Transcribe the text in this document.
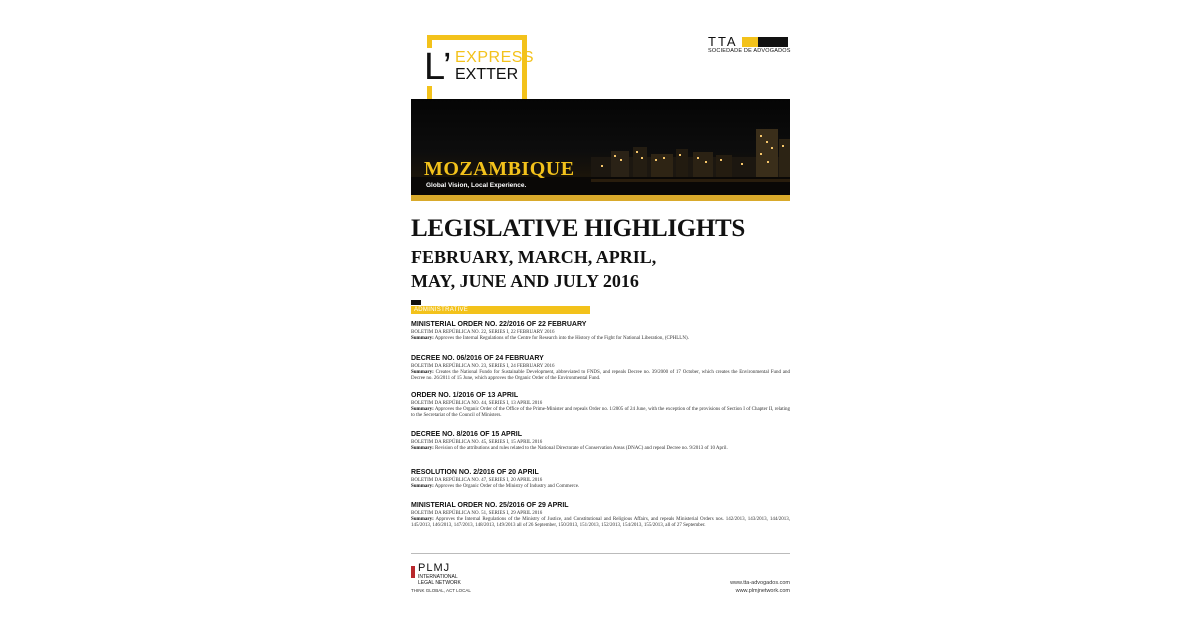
L’ EXPRESS
EXTTER
TTA
SOCIEDADE DE ADVOGADOS
MOZAMBIQUE
Global Vision, Local Experience.
LEGISLATIVE HIGHLIGHTS
FEBRUARY, MARCH, APRIL,
MAY, JUNE AND JULY 2016
ADMINISTRATIVE
MINISTERIAL ORDER NO. 22/2016 OF 22 FEBRUARY
BOLETIM DA REPÚBLICA NO. 22, SERIES I, 22 FEBRUARY 2016
Summary: Approves the Internal Regulations of the Centre for Research into the History of the Fight for National Liberation, (CPHLLN).
DECREE NO. 06/2016 OF 24 FEBRUARY
BOLETIM DA REPÚBLICA NO. 23, SERIES I, 24 FEBRUARY 2016
Summary: Creates the National Fundo for Sustainable Development, abbreviated to FNDS, and repeals Decree no. 39/2000 of 17 October, which creates the Environmental Fund and Decree no. 26/2011 of 15 June, which approves the Organic Order of the Environmental Fund.
ORDER NO. 1/2016 OF 13 APRIL
BOLETIM DA REPÚBLICA NO. 44, SERIES I, 13 APRIL 2016
Summary: Approves the Organic Order of the Office of the Prime-Minister and repeals Order no. 1/2005 of 24 June, with the exception of the provisions of Section I of Chapter II, relating to the Secretariat of the Council of Ministers.
DECREE NO. 8/2016 OF 15 APRIL
BOLETIM DA REPÚBLICA NO. 45, SERIES I, 15 APRIL 2016
Summary: Revision of the attributions and rules related to the National Directorate of Conservation Areas (DNAC) and repeal Decree no. 9/2013 of 10 April.
RESOLUTION NO. 2/2016 OF 20 APRIL
BOLETIM DA REPÚBLICA NO. 47, SERIES I, 20 APRIL 2016
Summary: Approves the Organic Order of the Ministry of Industry and Commerce.
MINISTERIAL ORDER NO. 25/2016 OF 29 APRIL
BOLETIM DA REPÚBLICA NO. 51, SERIES I, 29 APRIL 2016
Summary: Approves the Internal Regulations of the Ministry of Justice, and Constitutional and Religious Affairs, and repeals Ministerial Orders nos. 142/2013, 143/2013, 144/2013, 145/2013, 146/2013, 147/2013, 148/2013, 149/2013 all of 26 September, 150/2013, 151/2013, 152/2013, 154/2013, 155/2013, all of 27 September.
PLMJ
INTERNATIONAL
LEGAL NETWORK
THINK GLOBAL, ACT LOCAL
www.tta-advogados.com
www.plmjnetwork.com
